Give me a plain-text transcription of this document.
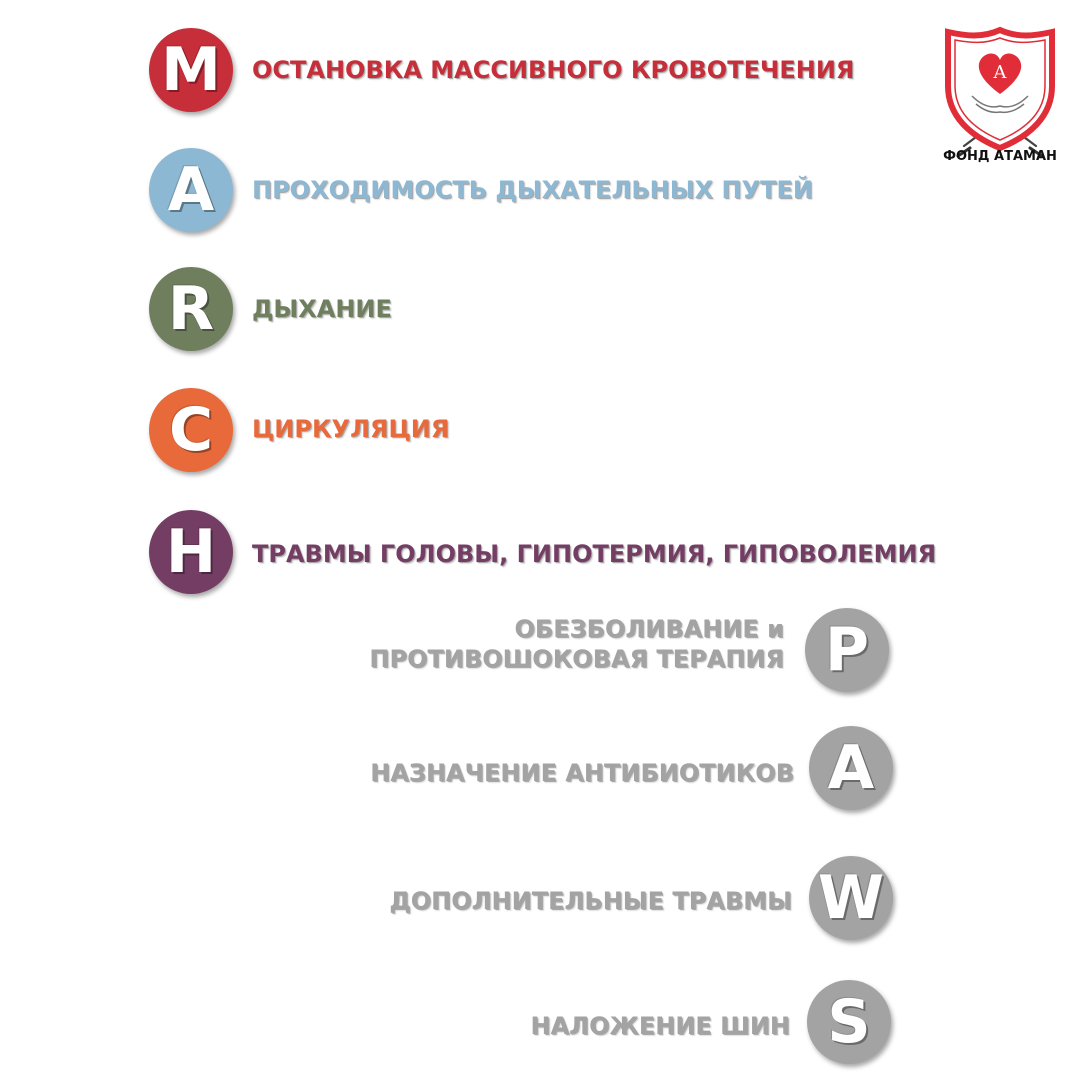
M ОСТАНОВКА МАССИВНОГО КРОВОТЕЧЕНИЯ
A ПРОХОДИМОСТЬ ДЫХАТЕЛЬНЫХ ПУТЕЙ
R ДЫХАНИЕ
C ЦИРКУЛЯЦИЯ
H ТРАВМЫ ГОЛОВЫ, ГИПОТЕРМИЯ, ГИПОВОЛЕМИЯ
ОБЕЗБОЛИВАНИЕ и
ПРОТИВОШОКОВАЯ ТЕРАПИЯ P
НАЗНАЧЕНИЕ АНТИБИОТИКОВ A
ДОПОЛНИТЕЛЬНЫЕ ТРАВМЫ W
НАЛОЖЕНИЕ ШИН S
А
ФОНД АТАМАН
